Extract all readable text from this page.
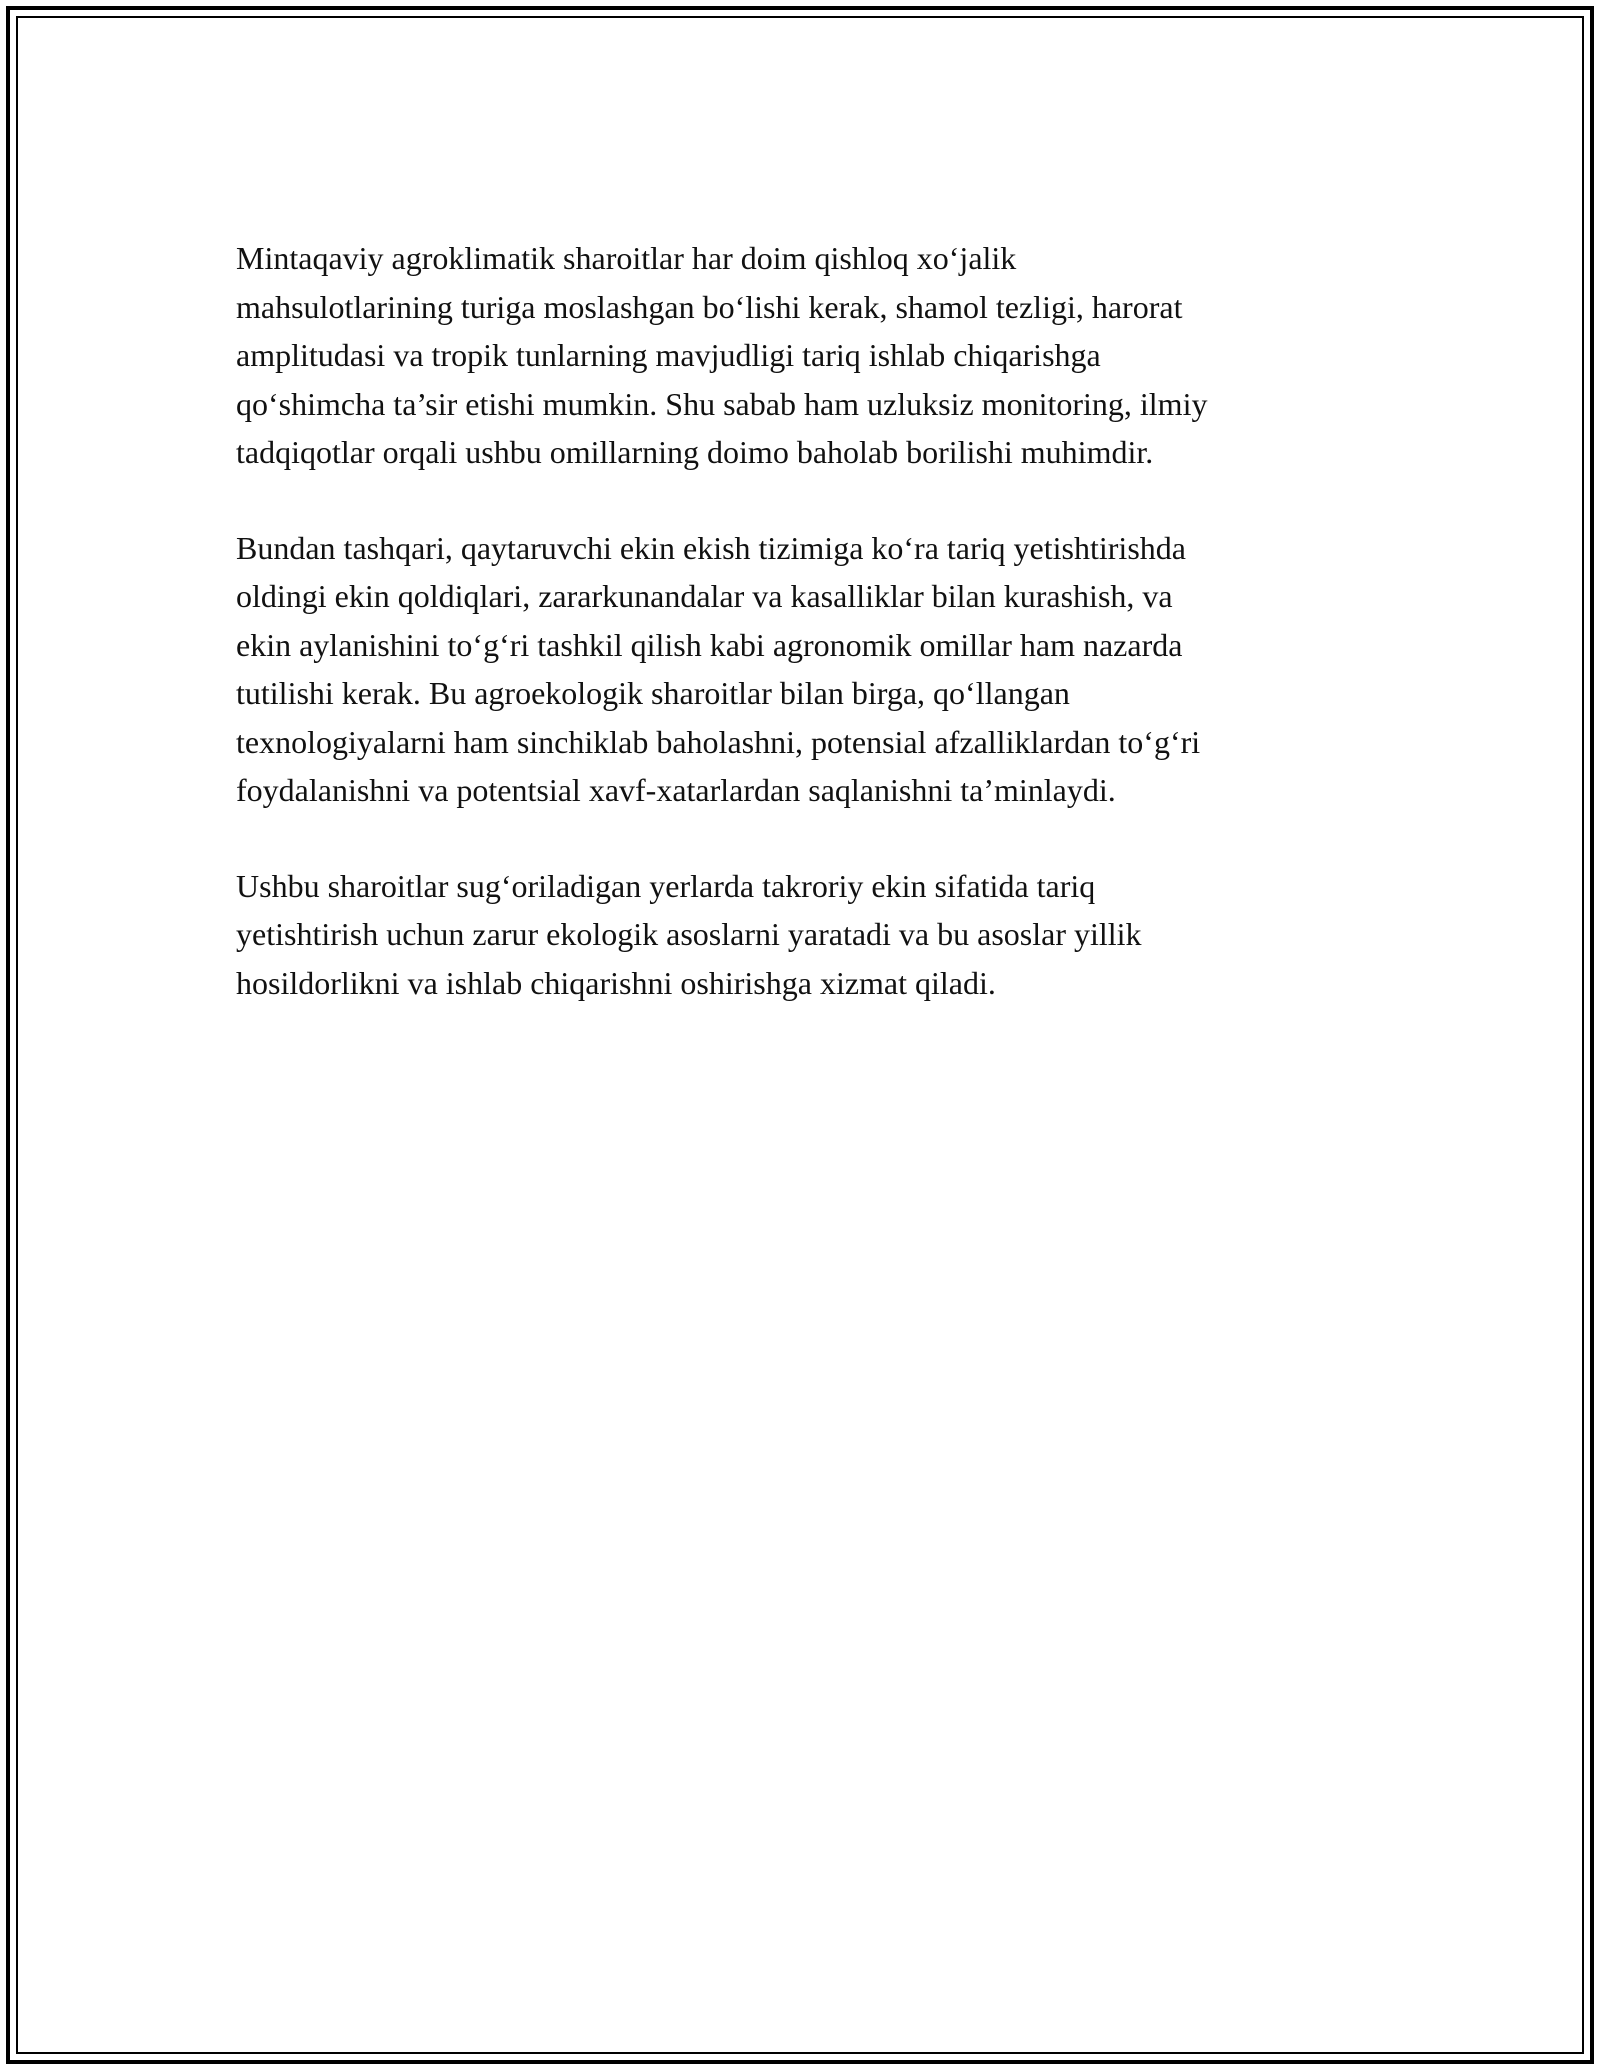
Mintaqaviy agroklimatik sharoitlar har doim qishloq xo‘jalik
mahsulotlarining turiga moslashgan bo‘lishi kerak, shamol tezligi, harorat
amplitudasi va tropik tunlarning mavjudligi tariq ishlab chiqarishga
qo‘shimcha ta’sir etishi mumkin. Shu sabab ham uzluksiz monitoring, ilmiy
tadqiqotlar orqali ushbu omillarning doimo baholab borilishi muhimdir.

Bundan tashqari, qaytaruvchi ekin ekish tizimiga ko‘ra tariq yetishtirishda
oldingi ekin qoldiqlari, zararkunandalar va kasalliklar bilan kurashish, va
ekin aylanishini to‘g‘ri tashkil qilish kabi agronomik omillar ham nazarda
tutilishi kerak. Bu agroekologik sharoitlar bilan birga, qo‘llangan
texnologiyalarni ham sinchiklab baholashni, potensial afzalliklardan to‘g‘ri
foydalanishni va potentsial xavf-xatarlardan saqlanishni ta’minlaydi.

Ushbu sharoitlar sug‘oriladigan yerlarda takroriy ekin sifatida tariq
yetishtirish uchun zarur ekologik asoslarni yaratadi va bu asoslar yillik
hosildorlikni va ishlab chiqarishni oshirishga xizmat qiladi.
